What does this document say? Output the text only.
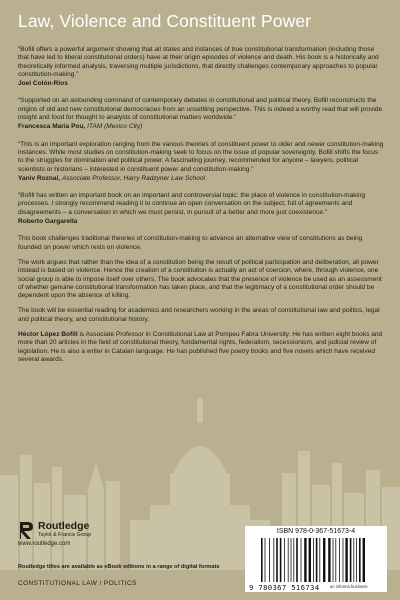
Law, Violence and Constituent Power

“Bofill offers a powerful argument showing that all states and instances of true constitutional transformation (including those that have led to liberal constitutional orders) have at their origin episodes of violence and death. His book is a historically and theoretically informed analysis, traversing multiple jurisdictions, that directly challenges contemporary approaches to popular constitution-making.”

Joel Colón-Ríos

“Supported on an astounding command of contemporary debates in constitutional and political theory, Bofill reconstructs the origins of old and new constitutional democracies from an unsettling perspective. This is indeed a worthy read that will provide insight and food for thought to analysts of constitutional matters worldwide.”

Francesca Maria Pou, ITAM (Mexico City)

“This is an important exploration ranging from the various theories of constituent power to older and newer constitution-making instances. While most studies on constitution-making seek to focus on the issue of popular sovereignty, Bofill shifts the focus to the struggles for domination and political power. A fascinating journey, recommended for anyone – lawyers, political scientists or historians – interested in constituent power and constitution-making.”

Yaniv Roznai, Associate Professor, Harry Radzyner Law School

“Bofill has written an important book on an important and controversial topic: the place of violence in constitution-making processes. I strongly recommend reading it to continue an open conversation on the subject, full of agreements and disagreements – a conversation in which we must persist, in pursuit of a better and more just coexistence.”

Roberto Gargarella

This book challenges traditional theories of constitution-making to advance an alternative view of constitutions as being founded on power which rests on violence.

The work argues that rather than the idea of a constitution being the result of political participation and deliberation, all power instead is based on violence. Hence the creation of a constitution is actually an act of coercion, where, through violence, one social group is able to impose itself over others. The book advocates that the presence of violence be used as an assessment of whether genuine constitutional transformation has taken place, and that the legitimacy of a constitutional order should be dependent upon the absence of killing.

The book will be essential reading for academics and researchers working in the areas of constitutional law and politics, legal and political theory, and constitutional history.

Héctor López Bofill is Associate Professor in Constitutional Law at Pompeu Fabra University. He has written eight books and more than 20 articles in the field of constitutional theory, fundamental rights, federalism, secessionism, and judicial review of legislation. He is also a writer in Catalan language. He has published five poetry books and five novels which have received several awards.

Routledge
Taylor & Francis Group
www.routledge.com
Routledge titles are available as eBook editions in a range of digital formats
CONSTITUTIONAL LAW / POLITICS
ISBN 978-0-367-51673-4
9 780367 516734	an informa business
